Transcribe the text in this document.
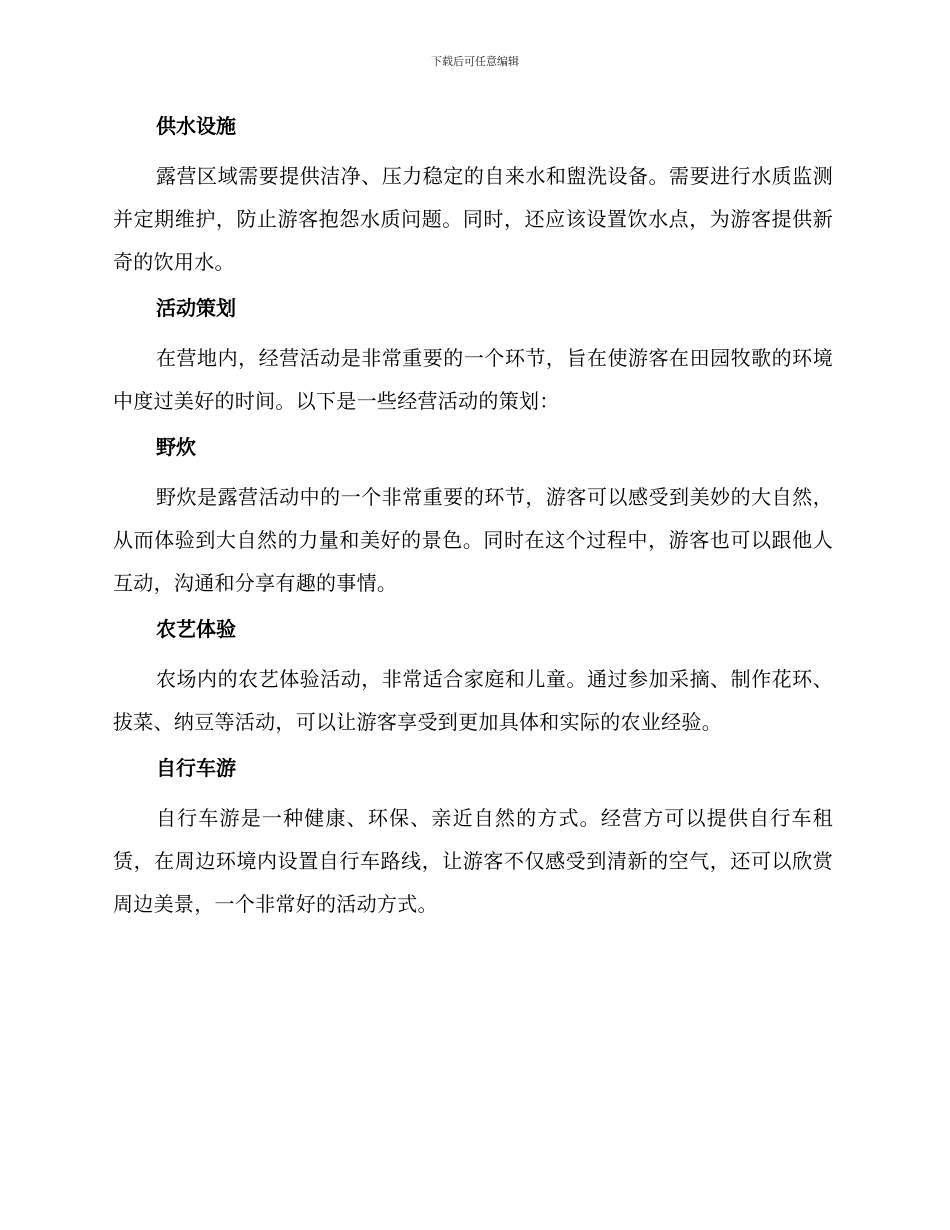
下载后可任意编辑
供水设施

露营区域需要提供洁净、压力稳定的自来水和盥洗设备。需要进行水质监测并定期维护，防止游客抱怨水质问题。同时，还应该设置饮水点，为游客提供新奇的饮用水。

活动策划

在营地内，经营活动是非常重要的一个环节，旨在使游客在田园牧歌的环境中度过美好的时间。以下是一些经营活动的策划：

野炊

野炊是露营活动中的一个非常重要的环节，游客可以感受到美妙的大自然，从而体验到大自然的力量和美好的景色。同时在这个过程中，游客也可以跟他人互动，沟通和分享有趣的事情。

农艺体验

农场内的农艺体验活动，非常适合家庭和儿童。通过参加采摘、制作花环、拔菜、纳豆等活动，可以让游客享受到更加具体和实际的农业经验。

自行车游

自行车游是一种健康、环保、亲近自然的方式。经营方可以提供自行车租赁，在周边环境内设置自行车路线，让游客不仅感受到清新的空气，还可以欣赏周边美景，一个非常好的活动方式。
